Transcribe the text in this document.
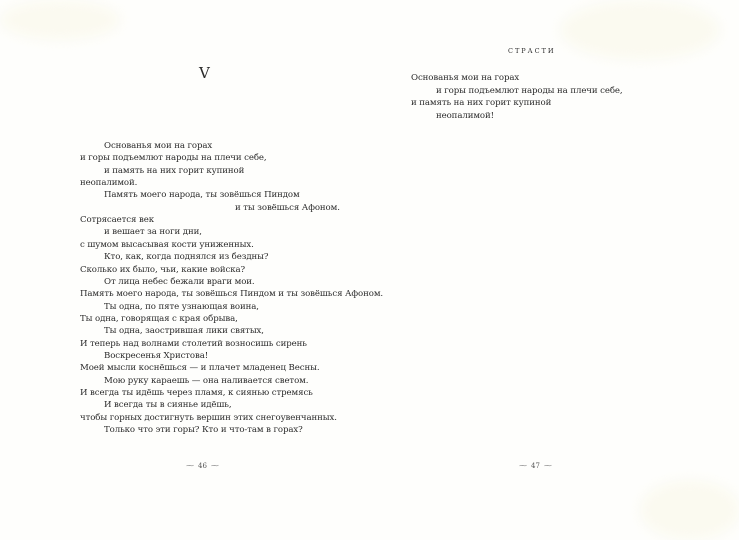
V
Основанья мои на горах
и горы подъемлют народы на плечи себе,
и память на них горит купиной
неопалимой.
Память моего народа, ты зовёшься Пиндом
и ты зовёшься Афоном.
Сотрясается век
и вешает за ноги дни,
с шумом высасывая кости униженных.
Кто, как, когда поднялся из бездны?
Сколько их было, чьи, какие войска?
От лица небес бежали враги мои.
Память моего народа, ты зовёшься Пиндом и ты зовёшься Афоном.
Ты одна, по пяте узнающая воина,
Ты одна, говорящая с края обрыва,
Ты одна, заострившая лики святых,
И теперь над волнами столетий возносишь сирень
Воскресенья Христова!
Моей мысли коснёшься — и плачет младенец Весны.
Мою руку караешь — она наливается светом.
И всегда ты идёшь через пламя, к сиянью стремясь
И всегда ты в сиянье идёшь,
чтобы горных достигнуть вершин этих снегоувенчанных.
Только что эти горы? Кто и что-там в горах?
⁓ 46 ⁓
СТРАСТИ
Основанья мои на горах
и горы подъемлют народы на плечи себе,
и память на них горит купиной
неопалимой!
⁓ 47 ⁓
